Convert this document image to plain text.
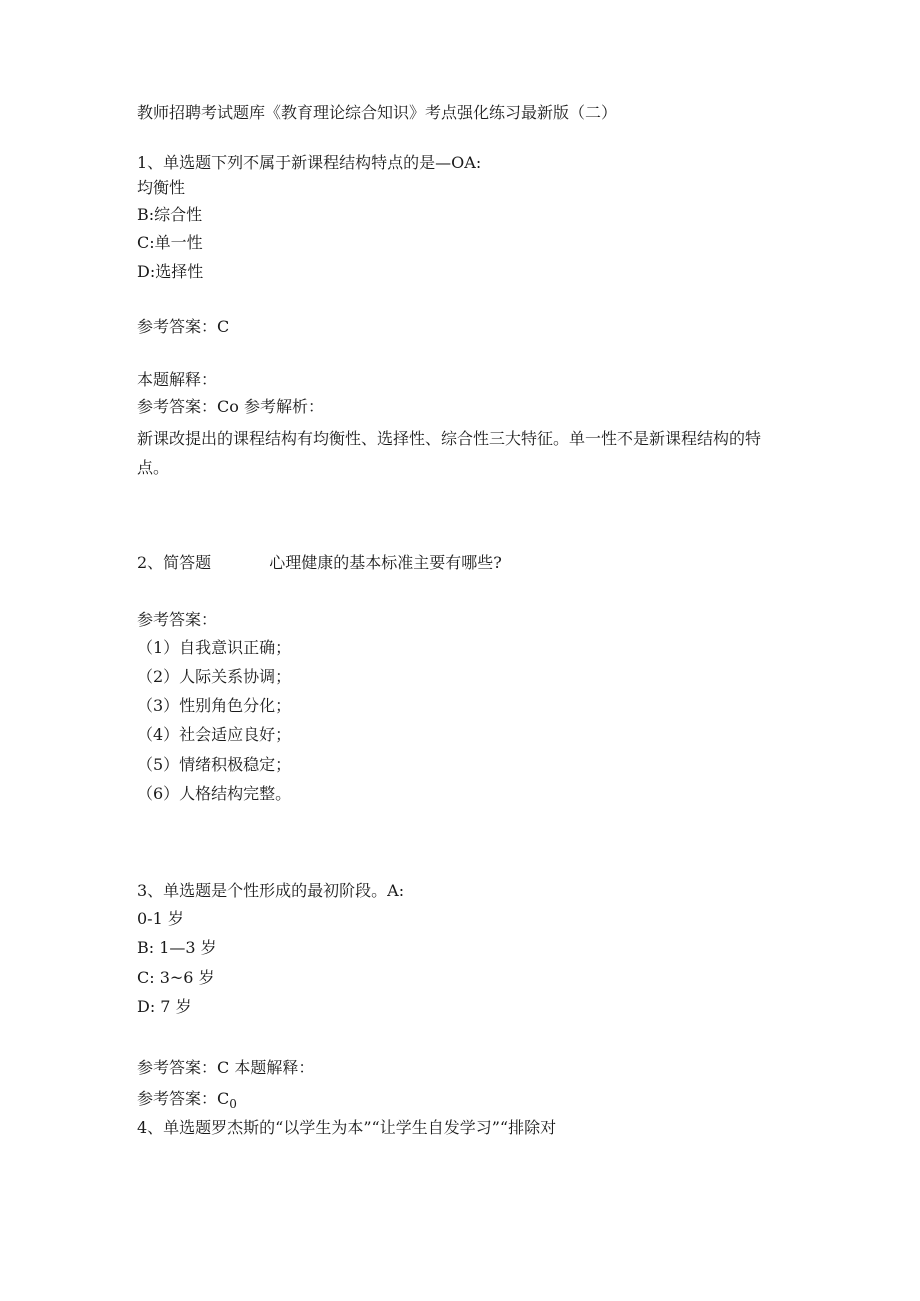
教师招聘考试题库《教育理论综合知识》考点强化练习最新版（二）
1、单选题下列不属于新课程结构特点的是—OA:
均衡性
B:综合性
C:单一性
D:选择性
参考答案：C
本题解释：
参考答案：Co 参考解析：
新课改提出的课程结构有均衡性、选择性、综合性三大特征。单一性不是新课程结构的特点。
2、简答题	心理健康的基本标准主要有哪些?
参考答案：
（1）自我意识正确；
（2）人际关系协调；
（3）性别角色分化；
（4）社会适应良好；
（5）情绪积极稳定；
（6）人格结构完整。
3、单选题是个性形成的最初阶段。A:
0-1 岁
B: 1—3 岁
C: 3~6 岁
D: 7 岁
参考答案：C 本题解释：
参考答案：$C_0$
4、单选题罗杰斯的“以学生为本”“让学生自发学习”“排除对
